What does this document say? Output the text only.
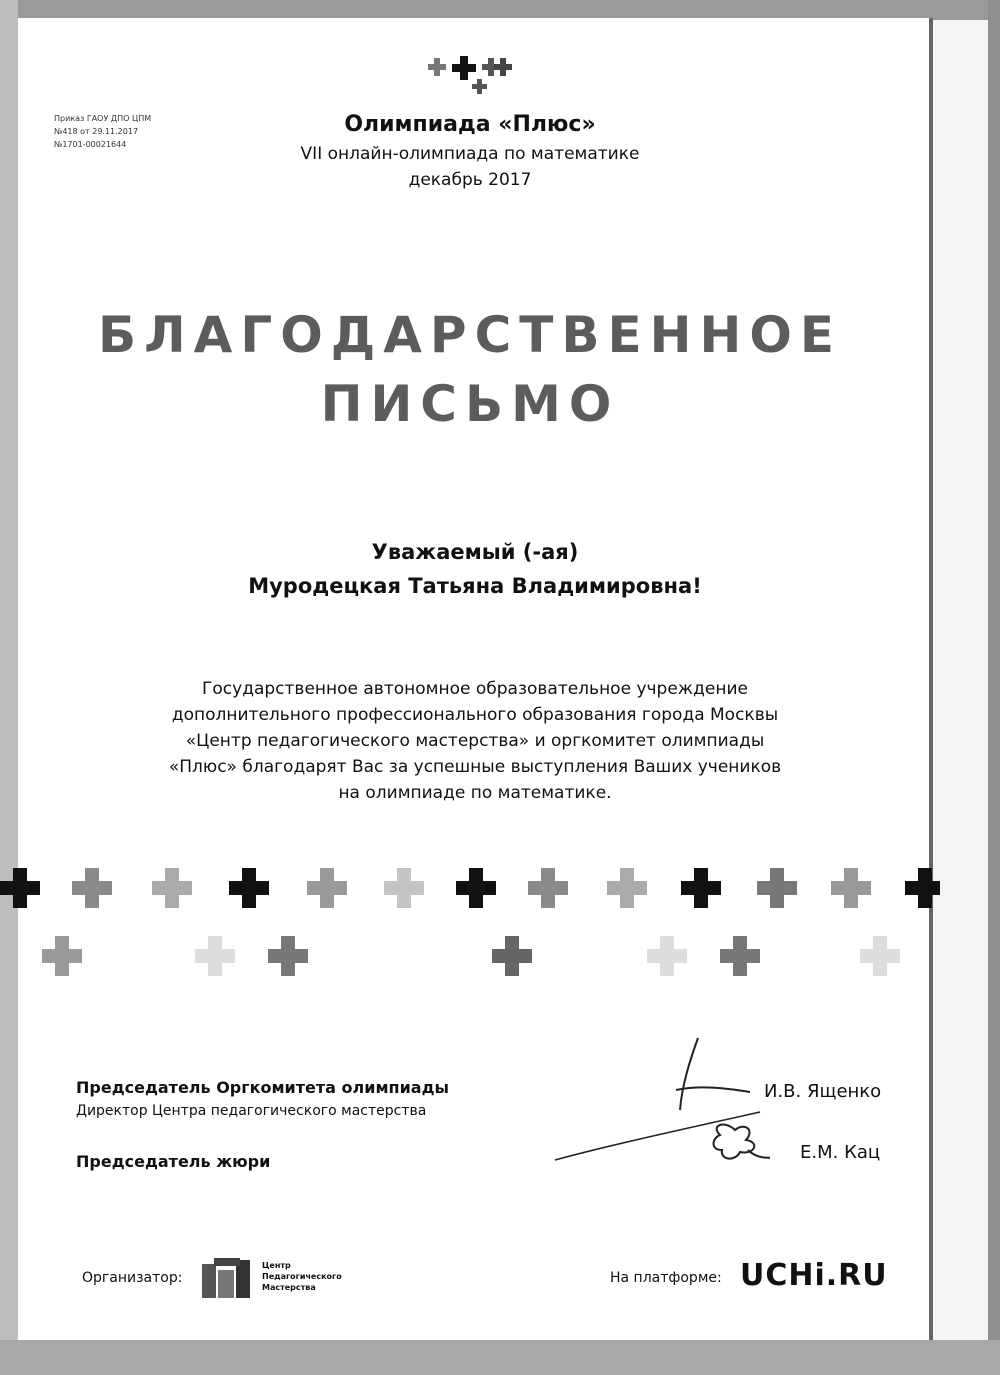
Приказ ГАОУ ДПО ЦПМ
№418 от 29.11.2017
№1701-00021644
Олимпиада «Плюс»
VII онлайн-олимпиада по математике
декабрь 2017
БЛАГОДАРСТВЕННОЕ
ПИСЬМО
Уважаемый (-ая)
Муродецкая Татьяна Владимировна!
Государственное автономное образовательное учреждение дополнительного профессионального образования города Москвы «Центр педагогического мастерства» и оргкомитет олимпиады «Плюс» благодарят Вас за успешные выступления Ваших учеников на олимпиаде по математике.
Председатель Оргкомитета олимпиады
Директор Центра педагогического мастерства
Председатель жюри
И.В. Ященко
Е.М. Кац
Организатор:
Центр
Педагогического
Мастерства
На платформе: UCHi.RU
